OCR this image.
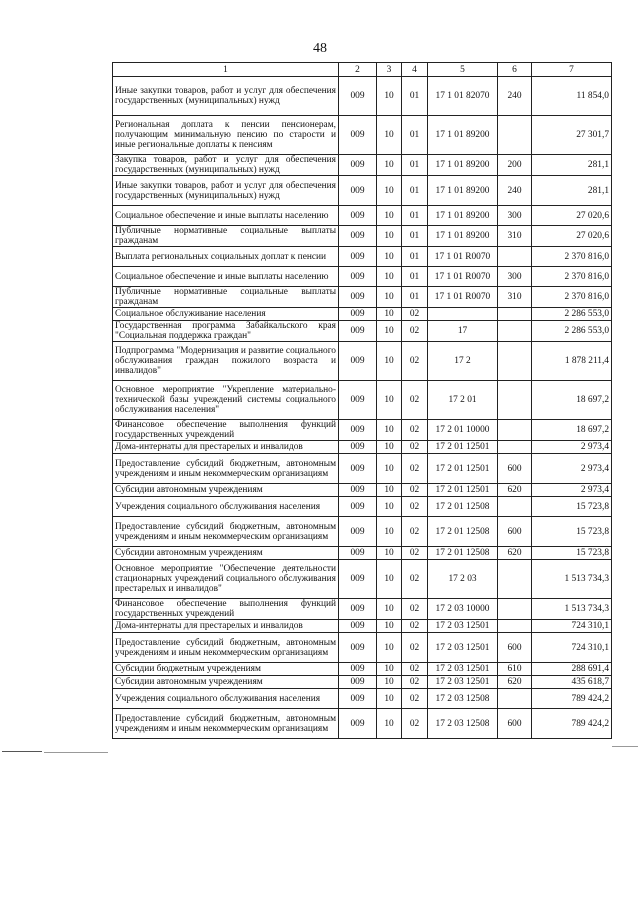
48
1	2	3	4	5	6	7
Иные закупки товаров, работ и услуг для обеспечения государственных (муниципальных) нужд	009	10	01	17 1 01 82070	240	11 854,0
Региональная доплата к пенсии пенсионерам, получающим минимальную пенсию по старости и иные региональные доплаты к пенсиям	009	10	01	17 1 01 89200		27 301,7
Закупка товаров, работ и услуг для обеспечения государственных (муниципальных) нужд	009	10	01	17 1 01 89200	200	281,1
Иные закупки товаров, работ и услуг для обеспечения государственных (муниципальных) нужд	009	10	01	17 1 01 89200	240	281,1
Социальное обеспечение и иные выплаты населению	009	10	01	17 1 01 89200	300	27 020,6
Публичные нормативные социальные выплаты гражданам	009	10	01	17 1 01 89200	310	27 020,6
Выплата региональных социальных доплат к пенсии	009	10	01	17 1 01 R0070		2 370 816,0
Социальное обеспечение и иные выплаты населению	009	10	01	17 1 01 R0070	300	2 370 816,0
Публичные нормативные социальные выплаты гражданам	009	10	01	17 1 01 R0070	310	2 370 816,0
Социальное обслуживание населения	009	10	02			2 286 553,0
Государственная программа Забайкальского края "Социальная поддержка граждан"	009	10	02	17		2 286 553,0
Подпрограмма "Модернизация и развитие социального обслуживания граждан пожилого возраста и инвалидов"	009	10	02	17 2		1 878 211,4
Основное мероприятие "Укрепление материально-технической базы учреждений системы социального обслуживания населения"	009	10	02	17 2 01		18 697,2
Финансовое обеспечение выполнения функций государственных учреждений	009	10	02	17 2 01 10000		18 697,2
Дома-интернаты для престарелых и инвалидов	009	10	02	17 2 01 12501		2 973,4
Предоставление субсидий бюджетным, автономным учреждениям и иным некоммерческим организациям	009	10	02	17 2 01 12501	600	2 973,4
Субсидии автономным учреждениям	009	10	02	17 2 01 12501	620	2 973,4
Учреждения социального обслуживания населения	009	10	02	17 2 01 12508		15 723,8
Предоставление субсидий бюджетным, автономным учреждениям и иным некоммерческим организациям	009	10	02	17 2 01 12508	600	15 723,8
Субсидии автономным учреждениям	009	10	02	17 2 01 12508	620	15 723,8
Основное мероприятие "Обеспечение деятельности стационарных учреждений социального обслуживания престарелых и инвалидов"	009	10	02	17 2 03		1 513 734,3
Финансовое обеспечение выполнения функций государственных учреждений	009	10	02	17 2 03 10000		1 513 734,3
Дома-интернаты для престарелых и инвалидов	009	10	02	17 2 03 12501		724 310,1
Предоставление субсидий бюджетным, автономным учреждениям и иным некоммерческим организациям	009	10	02	17 2 03 12501	600	724 310,1
Субсидии бюджетным учреждениям	009	10	02	17 2 03 12501	610	288 691,4
Субсидии автономным учреждениям	009	10	02	17 2 03 12501	620	435 618,7
Учреждения социального обслуживания населения	009	10	02	17 2 03 12508		789 424,2
Предоставление субсидий бюджетным, автономным учреждениям и иным некоммерческим организациям	009	10	02	17 2 03 12508	600	789 424,2
